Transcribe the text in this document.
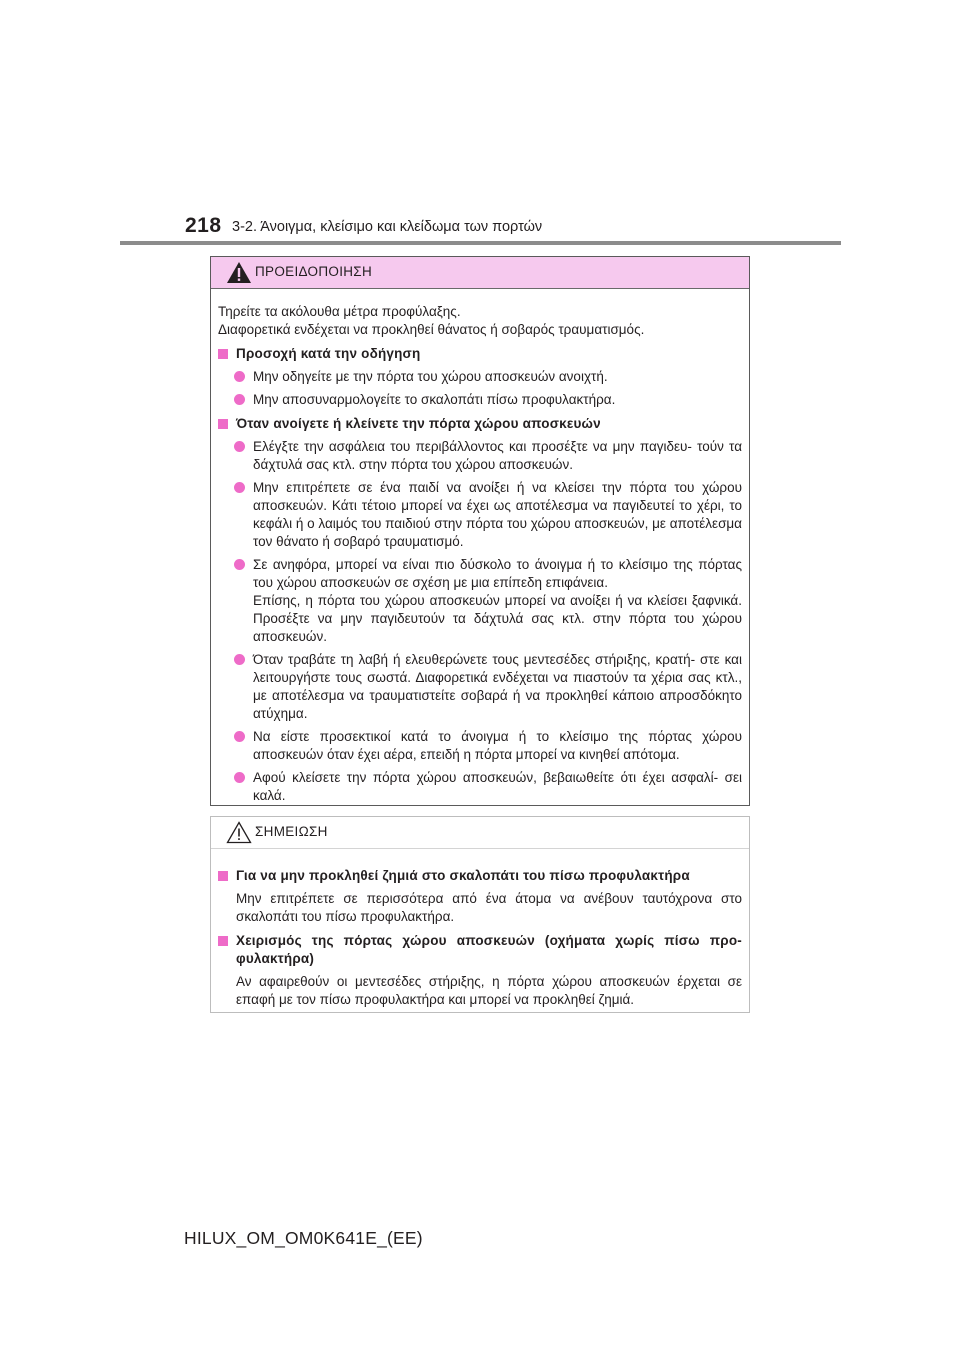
218 3-2. Άνοιγμα, κλείσιμο και κλείδωμα των πορτών
ΠΡΟΕΙΔΟΠΟΙΗΣΗ

Τηρείτε τα ακόλουθα μέτρα προφύλαξης.

Διαφορετικά ενδέχεται να προκληθεί θάνατος ή σοβαρός τραυματισμός.

Προσοχή κατά την οδήγηση

Μην οδηγείτε με την πόρτα του χώρου αποσκευών ανοιχτή.

Μην αποσυναρμολογείτε το σκαλοπάτι πίσω προφυλακτήρα.

Όταν ανοίγετε ή κλείνετε την πόρτα χώρου αποσκευών

Ελέγξτε την ασφάλεια του περιβάλλοντος και προσέξτε να μην παγιδευ- τούν τα δάχτυλά σας κτλ. στην πόρτα του χώρου αποσκευών.

Μην επιτρέπετε σε ένα παιδί να ανοίξει ή να κλείσει την πόρτα του χώρου αποσκευών. Κάτι τέτοιο μπορεί να έχει ως αποτέλεσμα να παγιδευτεί το χέρι, το κεφάλι ή ο λαιμός του παιδιού στην πόρτα του χώρου αποσκευών, με αποτέλεσμα τον θάνατο ή σοβαρό τραυματισμό.

Σε ανηφόρα, μπορεί να είναι πιο δύσκολο το άνοιγμα ή το κλείσιμο της πόρτας του χώρου αποσκευών σε σχέση με μια επίπεδη επιφάνεια.

Επίσης, η πόρτα του χώρου αποσκευών μπορεί να ανοίξει ή να κλείσει ξαφνικά. Προσέξτε να μην παγιδευτούν τα δάχτυλά σας κτλ. στην πόρτα του χώρου αποσκευών.

Όταν τραβάτε τη λαβή ή ελευθερώνετε τους μεντεσέδες στήριξης, κρατή- στε και λειτουργήστε τους σωστά. Διαφορετικά ενδέχεται να πιαστούν τα χέρια σας κτλ., με αποτέλεσμα να τραυματιστείτε σοβαρά ή να προκληθεί κάποιο απροσδόκητο ατύχημα.

Να είστε προσεκτικοί κατά το άνοιγμα ή το κλείσιμο της πόρτας χώρου αποσκευών όταν έχει αέρα, επειδή η πόρτα μπορεί να κινηθεί απότομα.

Αφού κλείσετε την πόρτα χώρου αποσκευών, βεβαιωθείτε ότι έχει ασφαλί- σει καλά.

ΣΗΜΕΙΩΣΗ
Για να μην προκληθεί ζημιά στο σκαλοπάτι του πίσω προφυλακτήρα

Μην επιτρέπετε σε περισσότερα από ένα άτομα να ανέβουν ταυτόχρονα στο σκαλοπάτι του πίσω προφυλακτήρα.

Χειρισμός της πόρτας χώρου αποσκευών (οχήματα χωρίς πίσω προ- φυλακτήρα)

Αν αφαιρεθούν οι μεντεσέδες στήριξης, η πόρτα χώρου αποσκευών έρχεται σε επαφή με τον πίσω προφυλακτήρα και μπορεί να προκληθεί ζημιά.

HILUX_OM_OM0K641E_(EE)
